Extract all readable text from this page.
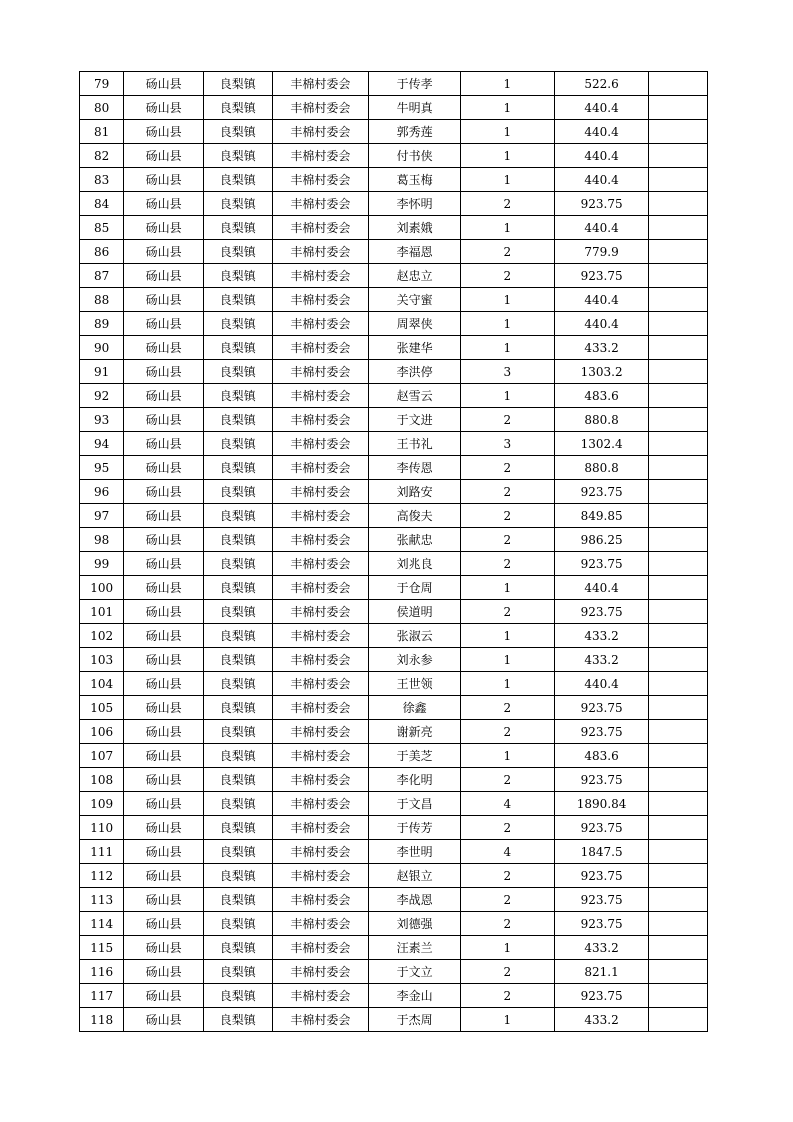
79	砀山县	良梨镇	丰棉村委会	于传孝	1	522.6	
80	砀山县	良梨镇	丰棉村委会	牛明真	1	440.4	
81	砀山县	良梨镇	丰棉村委会	郭秀莲	1	440.4	
82	砀山县	良梨镇	丰棉村委会	付书侠	1	440.4	
83	砀山县	良梨镇	丰棉村委会	葛玉梅	1	440.4	
84	砀山县	良梨镇	丰棉村委会	李怀明	2	923.75	
85	砀山县	良梨镇	丰棉村委会	刘素娥	1	440.4	
86	砀山县	良梨镇	丰棉村委会	李福恩	2	779.9	
87	砀山县	良梨镇	丰棉村委会	赵忠立	2	923.75	
88	砀山县	良梨镇	丰棉村委会	关守蜜	1	440.4	
89	砀山县	良梨镇	丰棉村委会	周翠侠	1	440.4	
90	砀山县	良梨镇	丰棉村委会	张建华	1	433.2	
91	砀山县	良梨镇	丰棉村委会	李洪停	3	1303.2	
92	砀山县	良梨镇	丰棉村委会	赵雪云	1	483.6	
93	砀山县	良梨镇	丰棉村委会	于文进	2	880.8	
94	砀山县	良梨镇	丰棉村委会	王书礼	3	1302.4	
95	砀山县	良梨镇	丰棉村委会	李传恩	2	880.8	
96	砀山县	良梨镇	丰棉村委会	刘路安	2	923.75	
97	砀山县	良梨镇	丰棉村委会	高俊夫	2	849.85	
98	砀山县	良梨镇	丰棉村委会	张献忠	2	986.25	
99	砀山县	良梨镇	丰棉村委会	刘兆良	2	923.75	
100	砀山县	良梨镇	丰棉村委会	于仓周	1	440.4	
101	砀山县	良梨镇	丰棉村委会	侯道明	2	923.75	
102	砀山县	良梨镇	丰棉村委会	张淑云	1	433.2	
103	砀山县	良梨镇	丰棉村委会	刘永参	1	433.2	
104	砀山县	良梨镇	丰棉村委会	王世领	1	440.4	
105	砀山县	良梨镇	丰棉村委会	徐鑫	2	923.75	
106	砀山县	良梨镇	丰棉村委会	谢新亮	2	923.75	
107	砀山县	良梨镇	丰棉村委会	于美芝	1	483.6	
108	砀山县	良梨镇	丰棉村委会	李化明	2	923.75	
109	砀山县	良梨镇	丰棉村委会	于文昌	4	1890.84	
110	砀山县	良梨镇	丰棉村委会	于传芳	2	923.75	
111	砀山县	良梨镇	丰棉村委会	李世明	4	1847.5	
112	砀山县	良梨镇	丰棉村委会	赵银立	2	923.75	
113	砀山县	良梨镇	丰棉村委会	李战恩	2	923.75	
114	砀山县	良梨镇	丰棉村委会	刘德强	2	923.75	
115	砀山县	良梨镇	丰棉村委会	汪素兰	1	433.2	
116	砀山县	良梨镇	丰棉村委会	于文立	2	821.1	
117	砀山县	良梨镇	丰棉村委会	李金山	2	923.75	
118	砀山县	良梨镇	丰棉村委会	于杰周	1	433.2	
